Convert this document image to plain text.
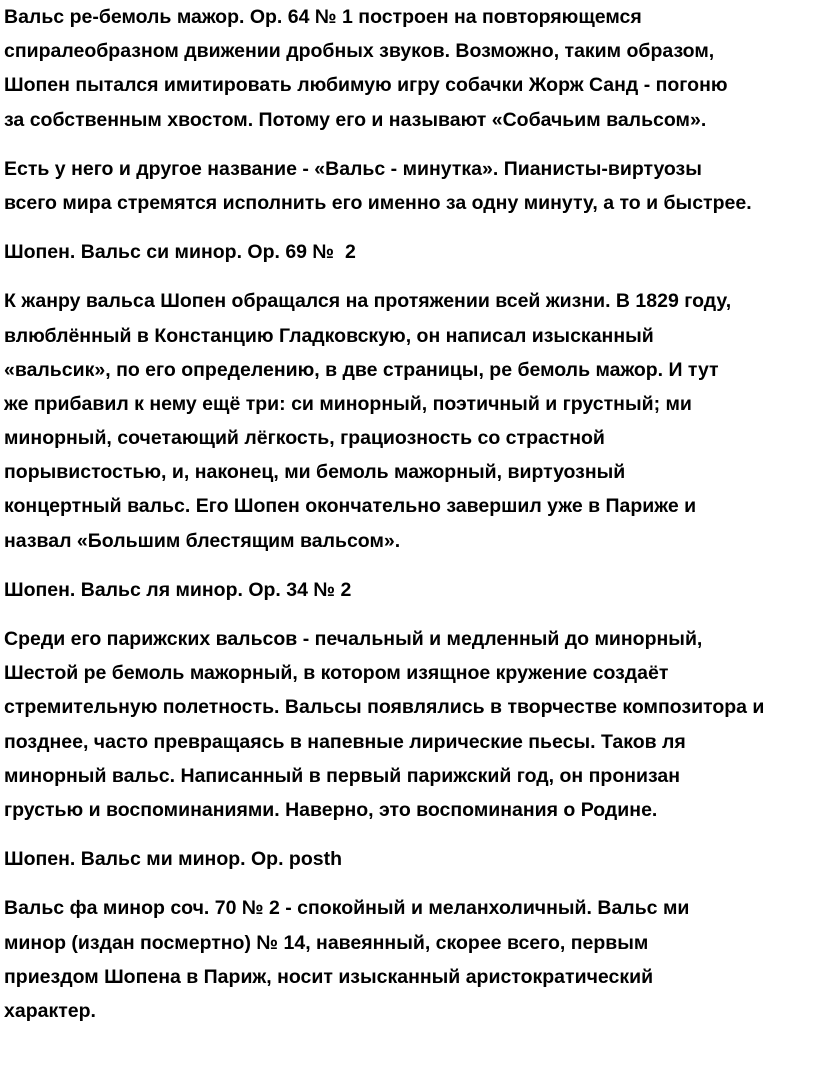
Вальс ре-бемоль мажор. Ор. 64 № 1 построен на повторяющемся
спиралеобразном движении дробных звуков. Возможно, таким образом,
Шопен пытался имитировать любимую игру собачки Жорж Санд - погоню
за собственным хвостом. Потому его и называют «Собачьим вальсом».
Есть у него и другое название - «Вальс - минутка». Пианисты-виртуозы
всего мира стремятся исполнить его именно за одну минуту, а то и быстрее.
Шопен. Вальс си минор. Ор. 69 №  2
К жанру вальса Шопен обращался на протяжении всей жизни. В 1829 году,
влюблённый в Констанцию Гладковскую, он написал изысканный
«вальсик», по его определению, в две страницы, ре бемоль мажор. И тут
же прибавил к нему ещё три: си минорный, поэтичный и грустный; ми
минорный, сочетающий лёгкость, грациозность со страстной
порывистостью, и, наконец, ми бемоль мажорный, виртуозный
концертный вальс. Его Шопен окончательно завершил уже в Париже и
назвал «Большим блестящим вальсом».
Шопен. Вальс ля минор. Ор. 34 № 2
Среди его парижских вальсов - печальный и медленный до минорный,
Шестой ре бемоль мажорный, в котором изящное кружение создаёт
стремительную полетность. Вальсы появлялись в творчестве композитора и
позднее, часто превращаясь в напевные лирические пьесы. Таков ля
минорный вальс. Написанный в первый парижский год, он пронизан
грустью и воспоминаниями. Наверно, это воспоминания о Родине.
Шопен. Вальс ми минор. Ор. posth
Вальс фа минор соч. 70 № 2 - спокойный и меланхоличный. Вальс ми
минор (издан посмертно) № 14, навеянный, скорее всего, первым
приездом Шопена в Париж, носит изысканный аристократический
характер.
